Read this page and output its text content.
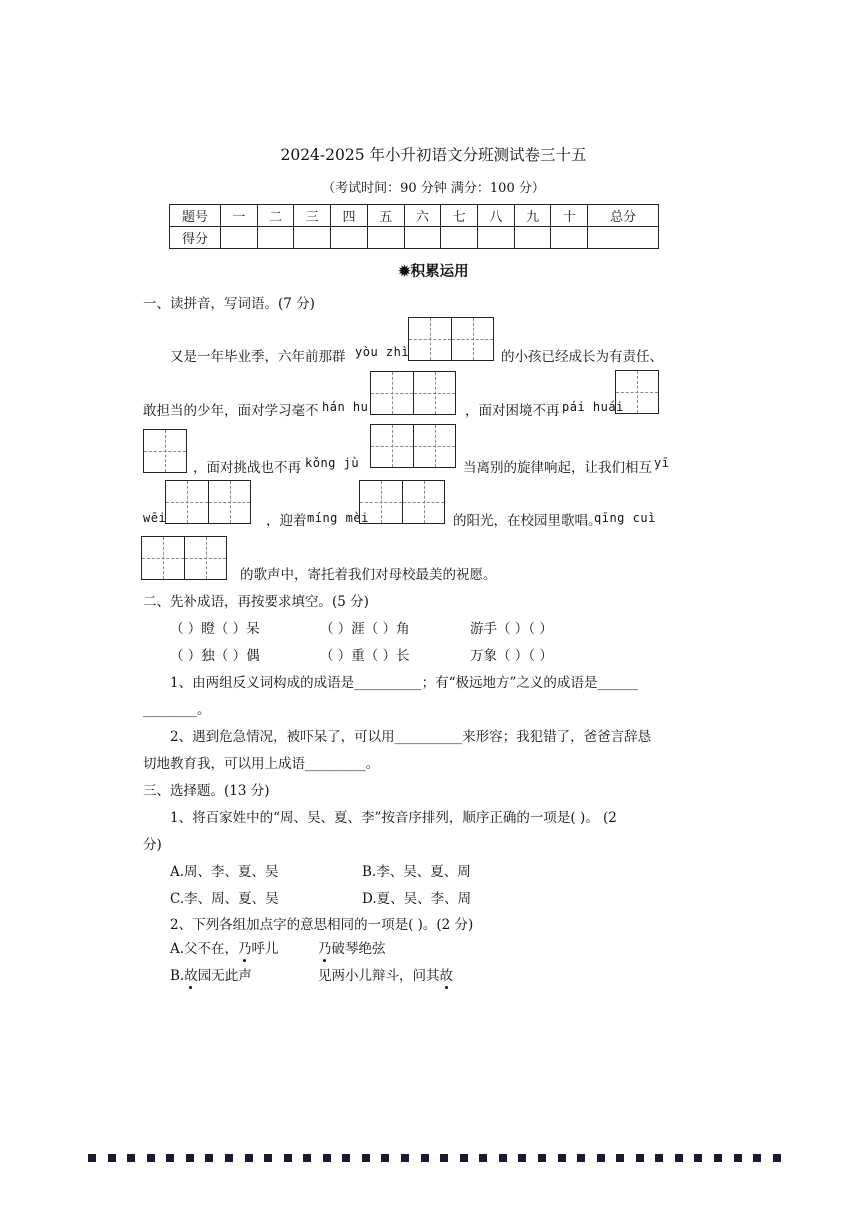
2024-2025 年小升初语文分班测试卷三十五
（考试时间：90 分钟 满分：100 分）
题号	一	二	三	四	五	六	七	八	九	十	总分
得分											
✹积累运用
一、读拼音，写词语。(7 分)
又是一年毕业季，六年前那群 yòu zhì	的小孩已经成长为有责任、
敢担当的少年，面对学习毫不 hán hu	，面对困境不再 pái huái
，面对挑战也不再 kǒng jù	当离别的旋律响起，让我们相互 yī
wēi	，迎着 míng mèi	的阳光，在校园里歌唱。
qīng cuì
的歌声中，寄托着我们对母校最美的祝愿。
二、先补成语，再按要求填空。(5 分)
（ ）瞪（ ）呆	（ ）涯（ ）角	游手（ ）（ ）
（ ）独（ ）偶	（ ）重（ ）长	万象（ ）（ ）
1、由两组反义词构成的成语是__________；有“极远地方”之义的成语是______
________。
2、遇到危急情况，被吓呆了，可以用__________来形容；我犯错了，爸爸言辞恳
切地教育我，可以用上成语_________。
三、选择题。(13 分)
1、将百家姓中的“周、吴、夏、李”按音序排列，顺序正确的一项是( )。 (2
分)
A.周、李、夏、吴	B.李、吴、夏、周
C.李、周、夏、吴	D.夏、吴、李、周
2、下列各组加点字的意思相同的一项是( )。(2 分)
A.父不在，乃呼儿	乃破琴绝弦
B.故园无此声	见两小儿辩斗，问其故
